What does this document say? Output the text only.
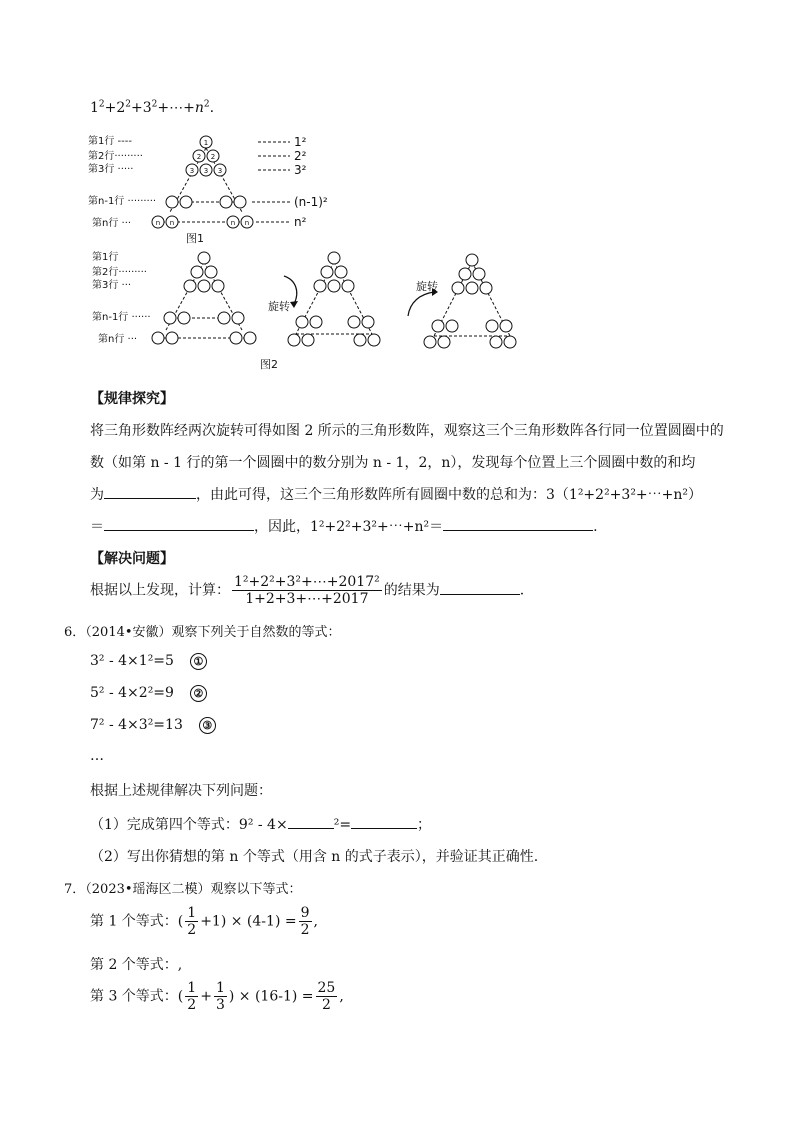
$1^2+2^2+3^2+\cdots+n^2$.
第1行 ----
第2行·········
第3行 ·····
第n-1行 ·········
第n行 ···
1
2 2
3 3 3
n n	n n
1²
2²
3²
(n-1)²
n²
图1
第1行
第2行·········
第3行 ···
第n-1行 ······
第n行 ···
旋转
旋转
图2
【规律探究】
将三角形数阵经两次旋转可得如图 2 所示的三角形数阵，观察这三个三角形数阵各行同一位置圆圈中的
数（如第 n - 1 行的第一个圆圈中的数分别为 n - 1，2，n），发现每个位置上三个圆圈中数的和均
为	，由此可得，这三个三角形数阵所有圆圈中数的总和为：3（1²+2²+3²+⋯+n²）
＝	，因此，1²+2²+3²+⋯+n²＝	.
【解决问题】
根据以上发现，计算： $\frac{\text{1²+2²+3²+⋯+2017²}}{1+2+3+\cdots+2017}$ 的结果为	.
6．（2014•安徽）观察下列关于自然数的等式：
3² - 4×1²=5 ①
5² - 4×2²=9 ②
7² - 4×3²=13 ③
…
根据上述规律解决下列问题：
（1）完成第四个等式：9² - 4×	²=	；
（2）写出你猜想的第 n 个等式（用含 n 的式子表示），并验证其正确性.
7．（2023•瑶海区二模）观察以下等式：
第 1 个等式：( $\frac{1}{2} +1) \times (4-1) = \frac{9}{2}$ ,
第 2 个等式：,
第 3 个等式：( $\frac{1}{2} + \frac{1}{3}$ ) × $(16-1) = \frac{25}{2}$ ,
